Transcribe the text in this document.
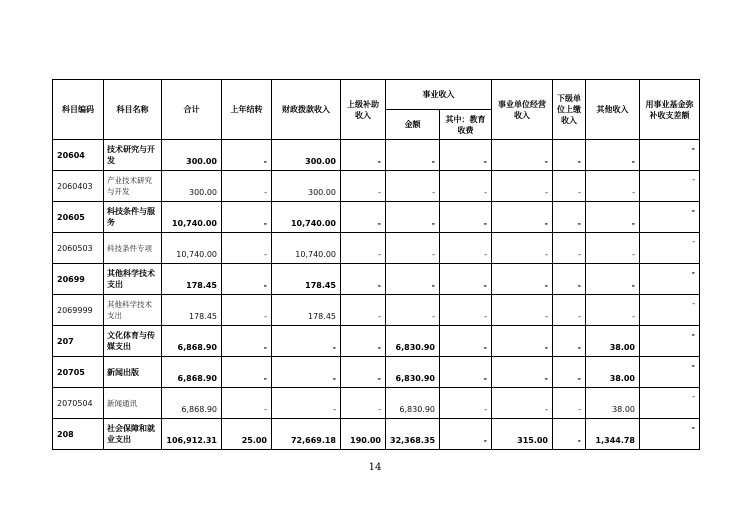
科目编码	科目名称	合计	上年结转	财政拨款收入	上级补助收入	事业收入		事业单位经营收入	下级单位上缴收入	其他收入	用事业基金弥补收支差额
						金额	其中：教育收费				
20604	技术研究与开发	300.00	-	300.00	-	-	-	-	-	-	-
2060403	产业技术研究与开发	300.00	-	300.00	-	-	-	-	-	-	-
20605	科技条件与服务	10,740.00	-	10,740.00	-	-	-	-	-	-	-
2060503	科技条件专项	10,740.00	-	10,740.00	-	-	-	-	-	-	-
20699	其他科学技术支出	178.45	-	178.45	-	-	-	-	-	-	-
2069999	其他科学技术支出	178.45	-	178.45	-	-	-	-	-	-	-
207	文化体育与传媒支出	6,868.90	-	-	-	6,830.90	-	-	-	38.00	-
20705	新闻出版	6,868.90	-	-	-	6,830.90	-	-	-	38.00	-
2070504	新闻通讯	6,868.90	-	-	-	6,830.90	-	-	-	38.00	-
208	社会保障和就业支出	106,912.31	25.00	72,669.18	190.00	32,368.35	-	315.00	-	1,344.78	-
14
